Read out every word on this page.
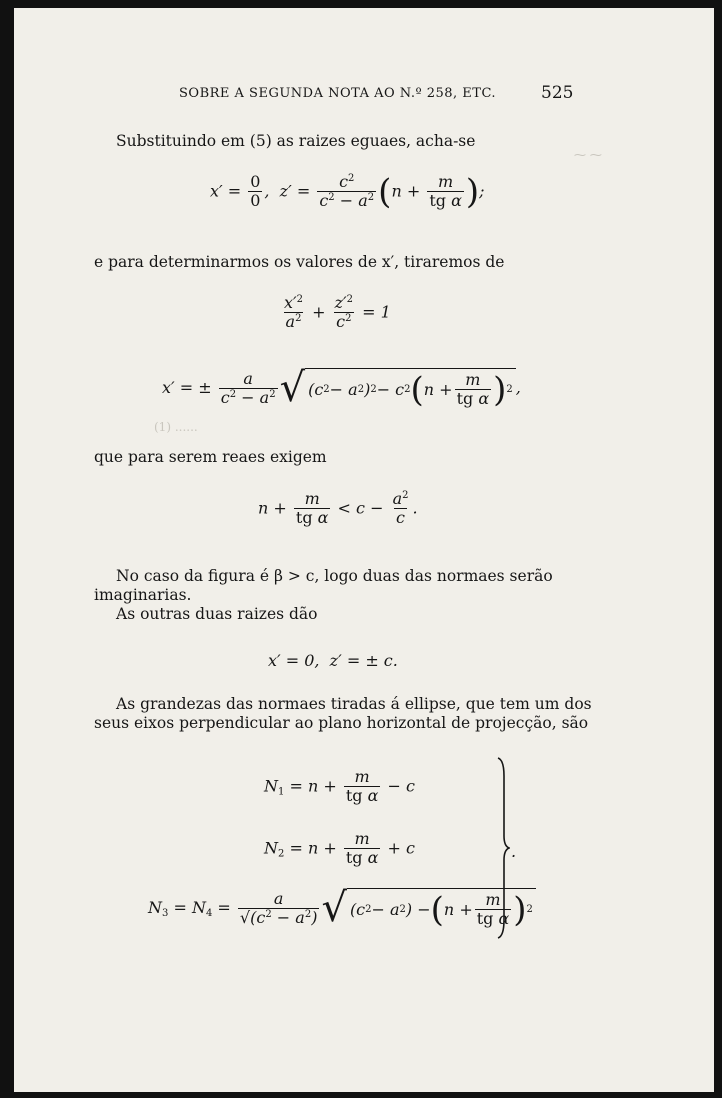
SOBRE A SEGUNDA NOTA AO N.º 258, ETC.	525
⁓ ⁓
(1) ......
Substituindo em (5) as raizes eguaes, acha-se
$x' = \frac{0}{0}$ ,  $z' = \frac{c^2}{c^2 - a^2} (n + \frac{m}{\text{tg α}}$ );
e para determinarmos os valores de x′, tiraremos de
$\frac{x'^2}{a^2} + \frac{z'^2}{c^2} = 1$
x′ = ± $\frac{a}{c^2 - a^2}$ √ (c 2 − a 2 ) 2 − c 2 ( $n + \frac{m}{\text{tg α}}$ ) 2 ,
que para serem reaes exigem
$n + \frac{m}{\text{tg α}} < c - \frac{a^2}{c}$ .
No caso da figura é β > c, logo duas das normaes serão
imaginarias.
As outras duas raizes dão
x′ = 0,  z′ = ± c.
As grandezas das normaes tiradas á ellipse, que tem um dos
seus eixos perpendicular ao plano horizontal de projecção, são
$N_1 = n + \frac{m}{\text{tg α}} - c$
$N_2 = n + \frac{m}{\text{tg α}} + c$
$N_3 = N_4 = \frac{a}{√(c^2 - a^2)}$ √ (c 2 − a 2 ) − ( $n + \frac{m}{\text{tg α}}$ ) 2
.
